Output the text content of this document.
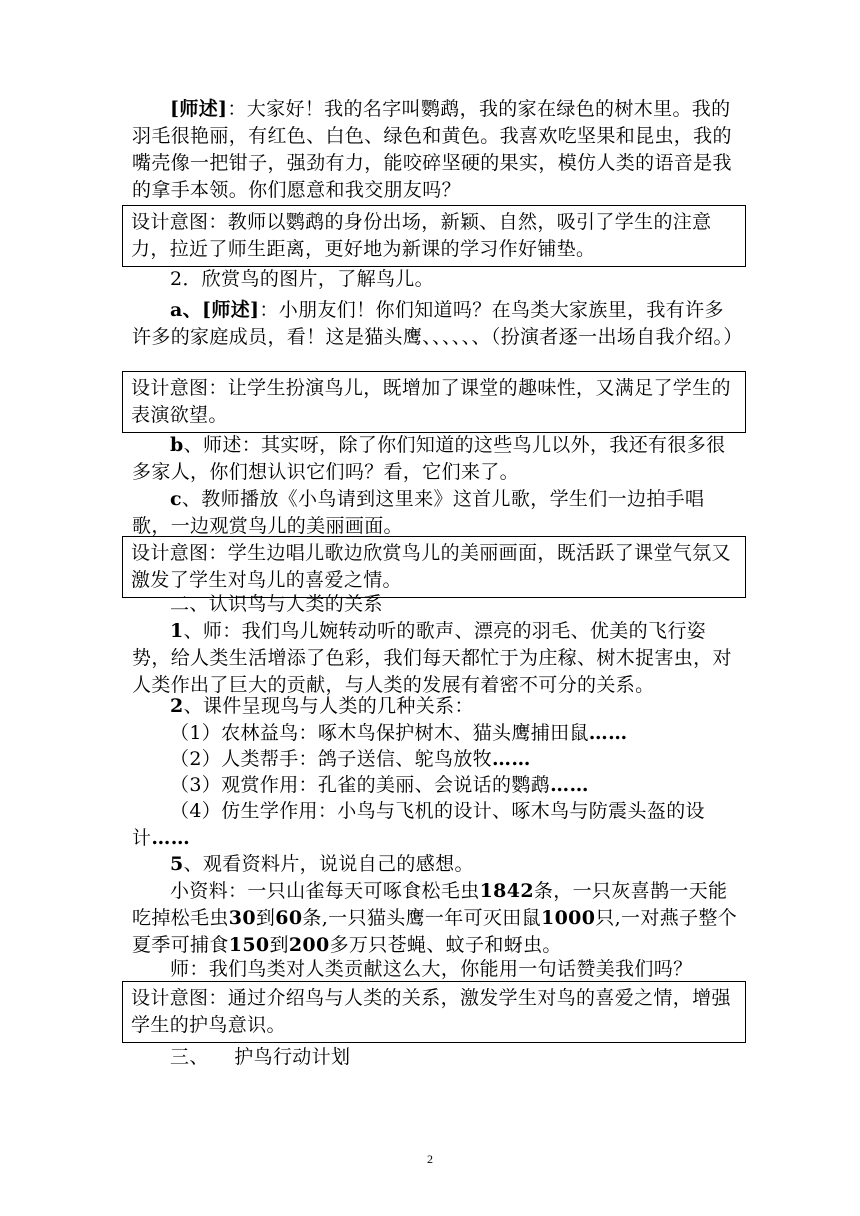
[师述]：大家好！我的名字叫鹦鹉，我的家在绿色的树木里。我的羽毛很艳丽，有红色、白色、绿色和黄色。我喜欢吃坚果和昆虫，我的嘴壳像一把钳子，强劲有力，能咬碎坚硬的果实，模仿人类的语音是我的拿手本领。你们愿意和我交朋友吗？

设计意图：教师以鹦鹉的身份出场，新颖、自然，吸引了学生的注意力，拉近了师生距离，更好地为新课的学习作好铺垫。

2．欣赏鸟的图片，了解鸟儿。

a、[师述]：小朋友们！你们知道吗？在鸟类大家族里，我有许多许多的家庭成员，看！这是猫头鹰、、、、、、（扮演者逐一出场自我介绍。）

设计意图：让学生扮演鸟儿，既增加了课堂的趣味性，又满足了学生的表演欲望。

b、师述：其实呀，除了你们知道的这些鸟儿以外，我还有很多很多家人，你们想认识它们吗？看，它们来了。

c、教师播放《小鸟请到这里来》这首儿歌，学生们一边拍手唱歌，一边观赏鸟儿的美丽画面。

设计意图：学生边唱儿歌边欣赏鸟儿的美丽画面，既活跃了课堂气氛又激发了学生对鸟儿的喜爱之情。

二、认识鸟与人类的关系

1、师：我们鸟儿婉转动听的歌声、漂亮的羽毛、优美的飞行姿势，给人类生活增添了色彩，我们每天都忙于为庄稼、树木捉害虫，对人类作出了巨大的贡献，与人类的发展有着密不可分的关系。

2、课件呈现鸟与人类的几种关系：

（1）农林益鸟：啄木鸟保护树木、猫头鹰捕田鼠……

（2）人类帮手：鸽子送信、鸵鸟放牧……

（3）观赏作用：孔雀的美丽、会说话的鹦鹉……

（4）仿生学作用：小鸟与飞机的设计、啄木鸟与防震头盔的设计……

5、观看资料片，说说自己的感想。

小资料：一只山雀每天可啄食松毛虫1842条，一只灰喜鹊一天能吃掉松毛虫30到60条,一只猫头鹰一年可灭田鼠1000只,一对燕子整个夏季可捕食150到200多万只苍蝇、蚊子和蚜虫。

师：我们鸟类对人类贡献这么大，你能用一句话赞美我们吗？

设计意图：通过介绍鸟与人类的关系，激发学生对鸟的喜爱之情，增强学生的护鸟意识。

三、    护鸟行动计划

2
